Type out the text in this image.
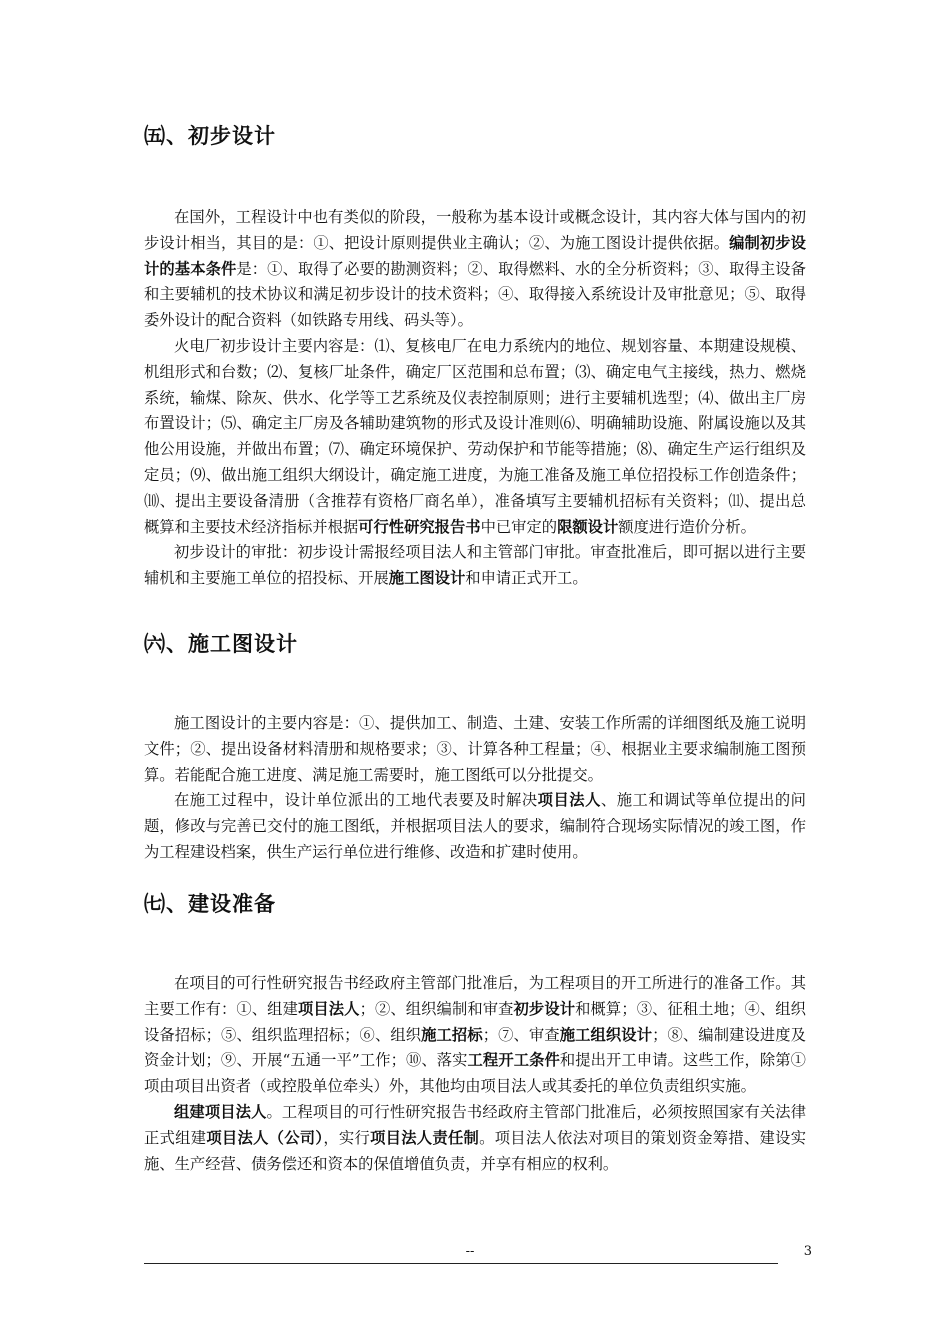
㈤、初步设计

在国外，工程设计中也有类似的阶段，一般称为基本设计或概念设计，其内容大体与国内的初步设计相当，其目的是：①、把设计原则提供业主确认；②、为施工图设计提供依据。编制初步设计的基本条件是：①、取得了必要的勘测资料；②、取得燃料、水的全分析资料；③、取得主设备和主要辅机的技术协议和满足初步设计的技术资料；④、取得接入系统设计及审批意见；⑤、取得委外设计的配合资料（如铁路专用线、码头等）。

火电厂初步设计主要内容是：⑴、复核电厂在电力系统内的地位、规划容量、本期建设规模、机组形式和台数；⑵、复核厂址条件，确定厂区范围和总布置；⑶、确定电气主接线，热力、燃烧系统，输煤、除灰、供水、化学等工艺系统及仪表控制原则；进行主要辅机选型；⑷、做出主厂房布置设计；⑸、确定主厂房及各辅助建筑物的形式及设计准则⑹、明确辅助设施、附属设施以及其他公用设施，并做出布置；⑺、确定环境保护、劳动保护和节能等措施；⑻、确定生产运行组织及定员；⑼、做出施工组织大纲设计，确定施工进度，为施工准备及施工单位招投标工作创造条件；⑽、提出主要设备清册（含推荐有资格厂商名单），准备填写主要辅机招标有关资料；⑾、提出总概算和主要技术经济指标并根据可行性研究报告书中已审定的限额设计额度进行造价分析。

初步设计的审批：初步设计需报经项目法人和主管部门审批。审查批准后，即可据以进行主要辅机和主要施工单位的招投标、开展施工图设计和申请正式开工。

㈥、施工图设计

施工图设计的主要内容是：①、提供加工、制造、土建、安装工作所需的详细图纸及施工说明文件；②、提出设备材料清册和规格要求；③、计算各种工程量；④、根据业主要求编制施工图预算。若能配合施工进度、满足施工需要时，施工图纸可以分批提交。

在施工过程中，设计单位派出的工地代表要及时解决项目法人、施工和调试等单位提出的问题，修改与完善已交付的施工图纸，并根据项目法人的要求，编制符合现场实际情况的竣工图，作为工程建设档案，供生产运行单位进行维修、改造和扩建时使用。

㈦、建设准备

在项目的可行性研究报告书经政府主管部门批准后，为工程项目的开工所进行的准备工作。其主要工作有：①、组建项目法人；②、组织编制和审查初步设计和概算；③、征租土地；④、组织设备招标；⑤、组织监理招标；⑥、组织施工招标；⑦、审查施工组织设计；⑧、编制建设进度及资金计划；⑨、开展“五通一平”工作；⑩、落实工程开工条件和提出开工申请。这些工作，除第①项由项目出资者（或控股单位牵头）外，其他均由项目法人或其委托的单位负责组织实施。

组建项目法人。工程项目的可行性研究报告书经政府主管部门批准后，必须按照国家有关法律正式组建项目法人（公司），实行项目法人责任制。项目法人依法对项目的策划资金筹措、建设实施、生产经营、债务偿还和资本的保值增值负责，并享有相应的权利。

--	3
